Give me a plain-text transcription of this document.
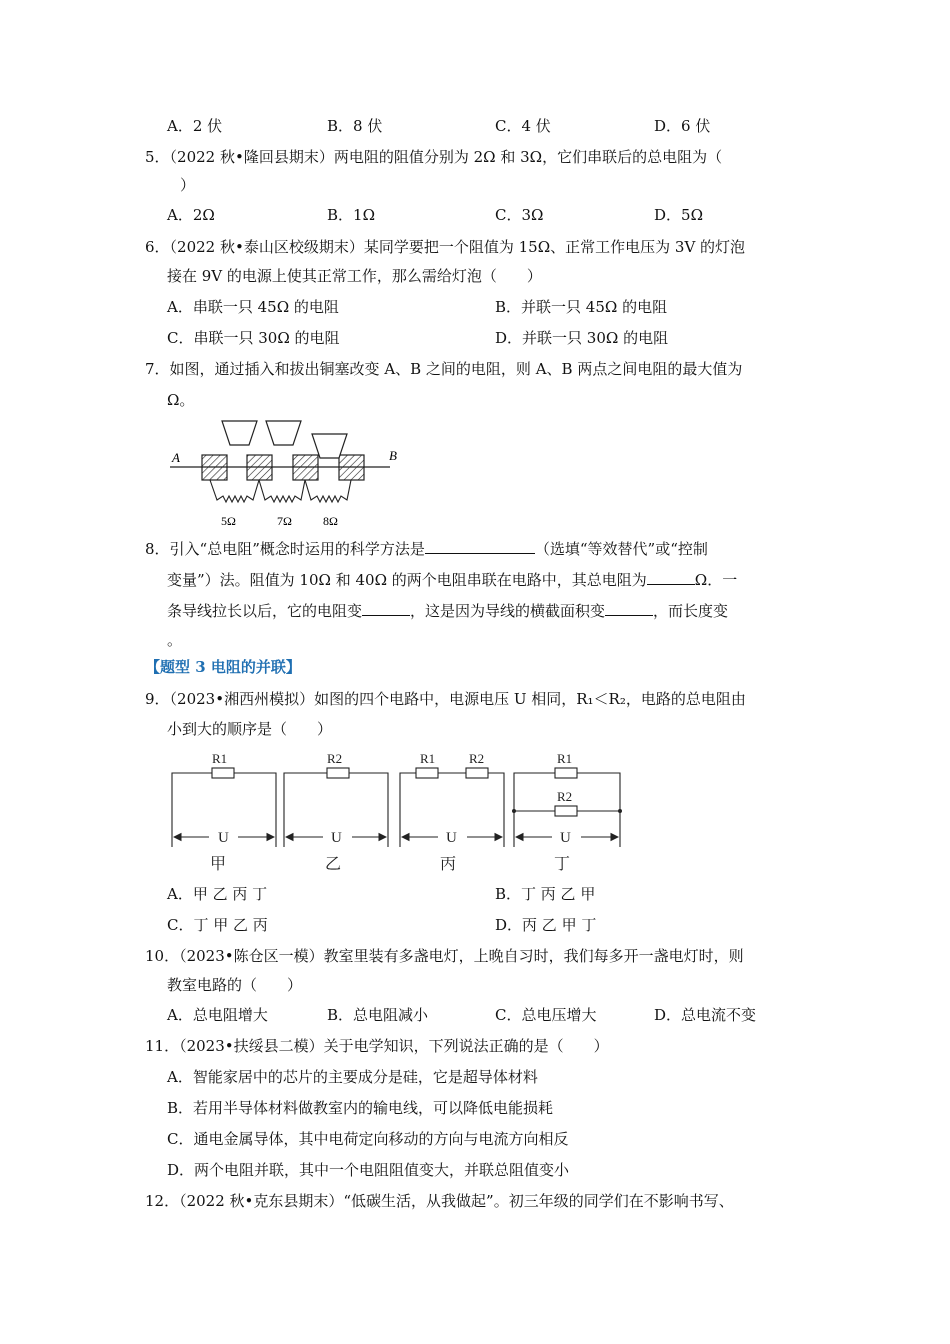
A．2 伏	B．8 伏	C．4 伏	D．6 伏
5．（2022 秋•隆回县期末）两电阻的阻值分别为 2Ω 和 3Ω，它们串联后的总电阻为（
）
A．2Ω	B．1Ω	C．3Ω	D．5Ω
6．（2022 秋•泰山区校级期末）某同学要把一个阻值为 15Ω、正常工作电压为 3V 的灯泡
接在 9V 的电源上使其正常工作，那么需给灯泡（　　）
A．串联一只 45Ω 的电阻	B．并联一只 45Ω 的电阻
C．串联一只 30Ω 的电阻	D．并联一只 30Ω 的电阻
7．如图，通过插入和拔出铜塞改变 A、B 之间的电阻，则 A、B 两点之间电阻的最大值为
Ω。
A	B
5Ω	7Ω	8Ω
8．引入“总电阻”概念时运用的科学方法是	（选填“等效替代”或“控制
变量”）法。阻值为 10Ω 和 40Ω 的两个电阻串联在电路中，其总电阻为	Ω．一
条导线拉长以后，它的电阻变	，这是因为导线的横截面积变	，而长度变
。
【题型 3 电阻的并联】
9．（2023•湘西州模拟）如图的四个电路中，电源电压 U 相同，R₁＜R₂，电路的总电阻由
小到大的顺序是（　　）
R1	R2	R1	R2	R1
R2
U	U	U	U
甲	乙	丙	丁
A．甲 乙 丙 丁	B．丁 丙 乙 甲
C．丁 甲 乙 丙	D．丙 乙 甲 丁
10．（2023•陈仓区一模）教室里装有多盏电灯，上晚自习时，我们每多开一盏电灯时，则
教室电路的（　　）
A．总电阻增大	B．总电阻减小	C．总电压增大	D．总电流不变
11．（2023•扶绥县二模）关于电学知识，下列说法正确的是（　　）
A．智能家居中的芯片的主要成分是硅，它是超导体材料
B．若用半导体材料做教室内的输电线，可以降低电能损耗
C．通电金属导体，其中电荷定向移动的方向与电流方向相反
D．两个电阻并联，其中一个电阻阻值变大，并联总阻值变小
12．（2022 秋•克东县期末）“低碳生活，从我做起”。初三年级的同学们在不影响书写、
